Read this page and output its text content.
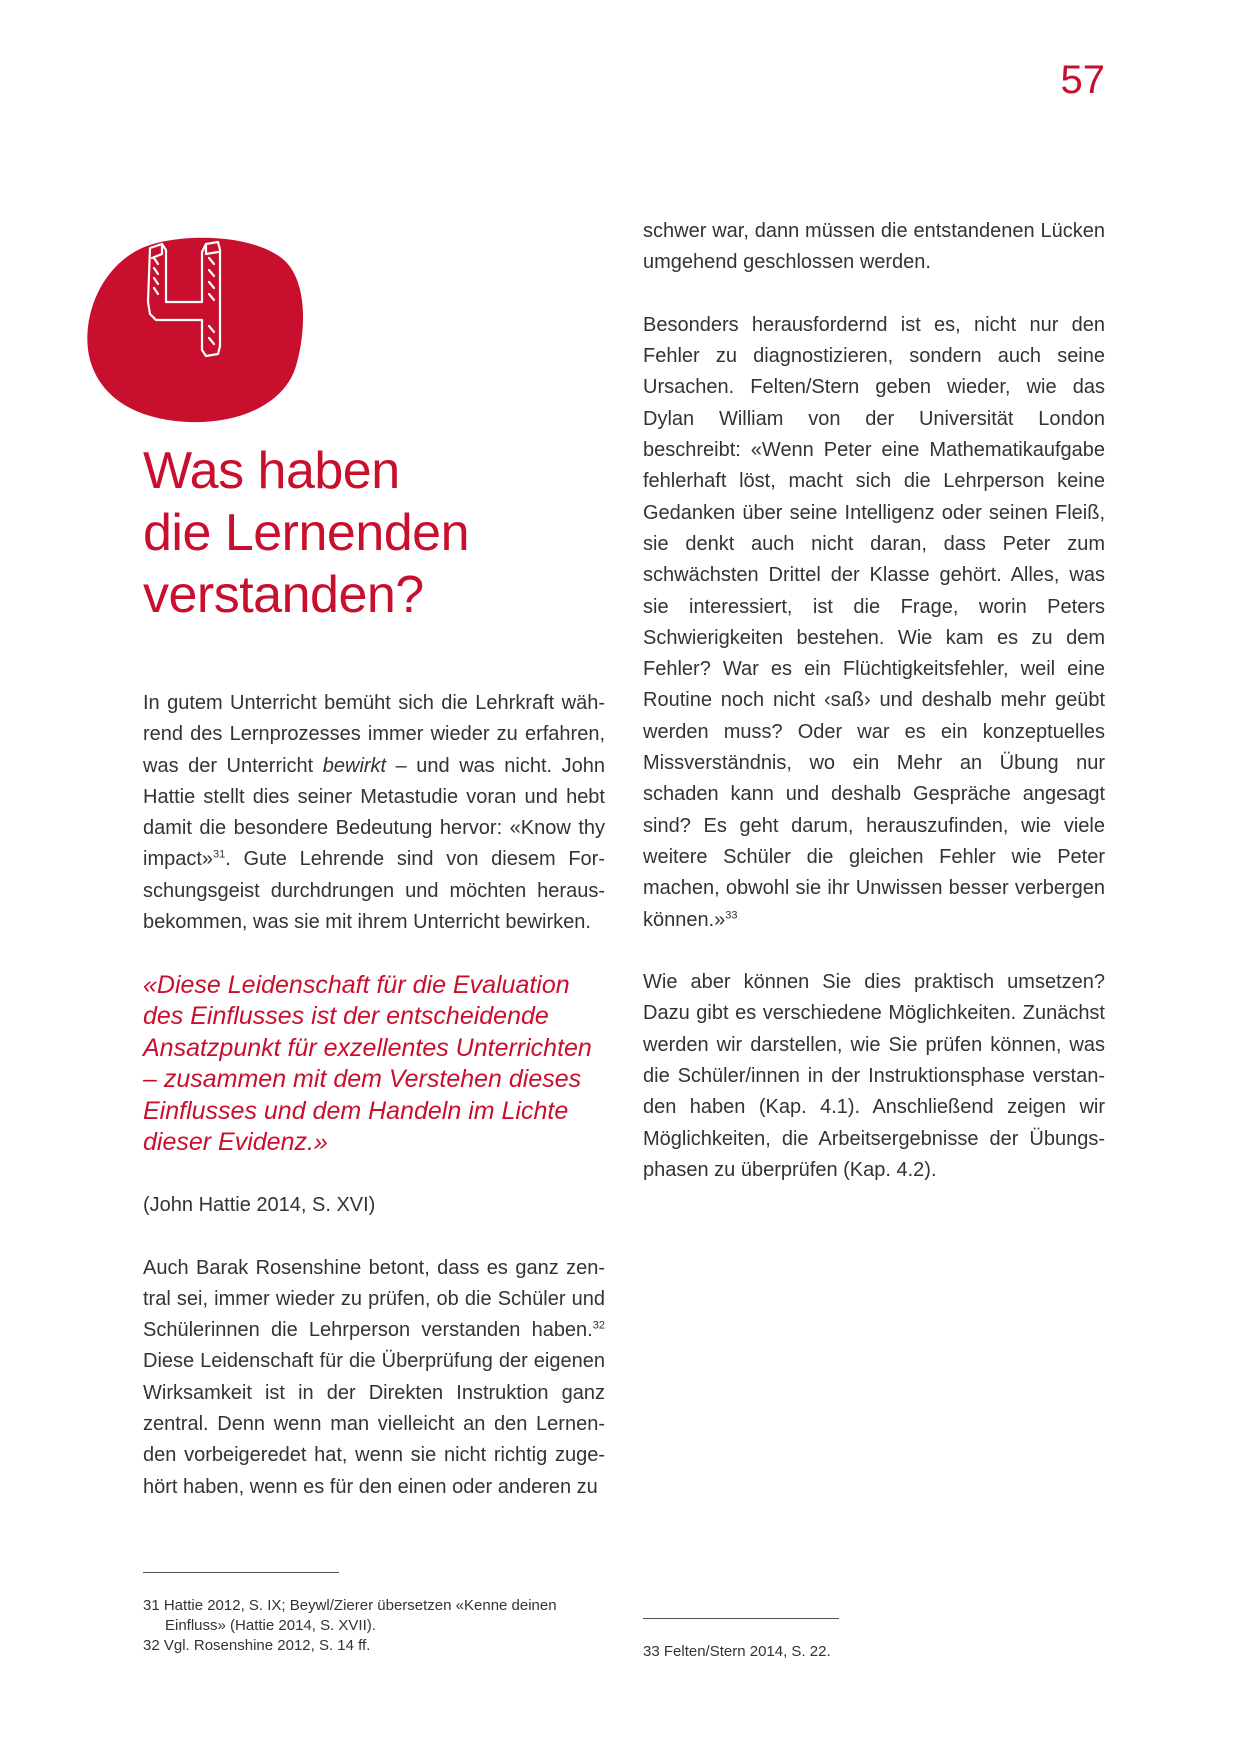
57
Was haben
die Lernenden
verstanden?

In gutem Unterricht bemüht sich die Lehrkraft während des Lernprozesses immer wieder zu erfahren, was der Unterricht bewirkt – und was nicht. John Hattie stellt dies seiner Metastudie voran und hebt damit die besondere Bedeutung hervor: «Know thy impact»$^{31}$. Gute Lehrende sind von diesem Forschungsgeist durchdrungen und möchten herausbekommen, was sie mit ihrem Unterricht bewirken.

«Diese Leidenschaft für die Evaluation des Einflusses ist der entscheidende Ansatzpunkt für exzellentes Unterrichten – zusammen mit dem Verstehen dieses Einflusses und dem Handeln im Lichte dieser Evidenz.»

(John Hattie 2014, S. XVI)

Auch Barak Rosenshine betont, dass es ganz zentral sei, immer wieder zu prüfen, ob die Schüler und Schülerinnen die Lehrperson verstanden haben.$^{32}$ Diese Leidenschaft für die Überprüfung der eigenen Wirksamkeit ist in der Direkten Instruktion ganz zentral. Denn wenn man vielleicht an den Lernenden vorbeigeredet hat, wenn sie nicht richtig zugehört haben, wenn es für den einen oder anderen zu

schwer war, dann müssen die entstandenen Lücken umgehend geschlossen werden.

Besonders herausfordernd ist es, nicht nur den Fehler zu diagnostizieren, sondern auch seine Ursachen. Felten/Stern geben wieder, wie das Dylan William von der Universität London beschreibt: «Wenn Peter eine Mathematikaufgabe fehlerhaft löst, macht sich die Lehrperson keine Gedanken über seine Intelligenz oder seinen Fleiß, sie denkt auch nicht daran, dass Peter zum schwächsten Drittel der Klasse gehört. Alles, was sie interessiert, ist die Frage, worin Peters Schwierigkeiten bestehen. Wie kam es zu dem Fehler? War es ein Flüchtigkeitsfehler, weil eine Routine noch nicht ‹saß› und deshalb mehr geübt werden muss? Oder war es ein konzeptuelles Missverständnis, wo ein Mehr an Übung nur schaden kann und deshalb Gespräche angesagt sind? Es geht darum, herauszufinden, wie viele weitere Schüler die gleichen Fehler wie Peter machen, obwohl sie ihr Unwissen besser verbergen können.»$^{33}$

Wie aber können Sie dies praktisch umsetzen? Dazu gibt es verschiedene Möglichkeiten. Zunächst werden wir darstellen, wie Sie prüfen können, was die Schüler/innen in der Instruktionsphase verstanden haben (Kap. 4.1). Anschließend zeigen wir Möglichkeiten, die Arbeitsergebnisse der Übungsphasen zu überprüfen (Kap. 4.2).

31 Hattie 2012, S. IX; Beywl/Zierer übersetzen «Kenne deinen Einfluss» (Hattie 2014, S. XVII).

32 Vgl. Rosenshine 2012, S. 14 ff.	33 Felten/Stern 2014, S. 22.
